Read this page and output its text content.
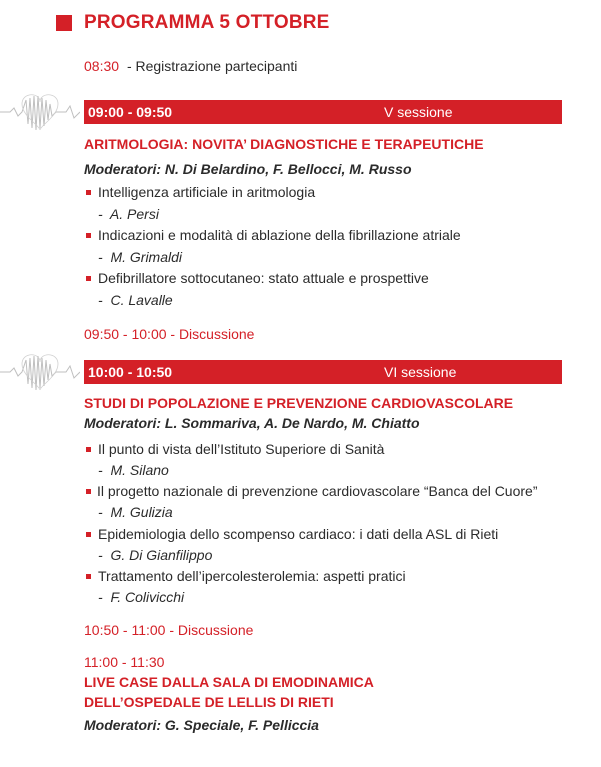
PROGRAMMA 5 OTTOBRE
08:30 - Registrazione partecipanti
09:00 - 09:50	V sessione
ARITMOLOGIA: NOVITA’ DIAGNOSTICHE E TERAPEUTICHE
Moderatori: N. Di Belardino, F. Bellocci, M. Russo
Intelligenza artificiale in aritmologia
-  A. Persi
Indicazioni e modalità di ablazione della fibrillazione atriale
-  M. Grimaldi
Defibrillatore sottocutaneo: stato attuale e prospettive
-  C. Lavalle
09:50 - 10:00 - Discussione
10:00 - 10:50	VI sessione
STUDI DI POPOLAZIONE E PREVENZIONE CARDIOVASCOLARE
Moderatori: L. Sommariva, A. De Nardo, M. Chiatto
Il punto di vista dell’Istituto Superiore di Sanità
-  M. Silano
Il progetto nazionale di prevenzione cardiovascolare “Banca del Cuore”
-  M. Gulizia
Epidemiologia dello scompenso cardiaco: i dati della ASL di Rieti
-  G. Di Gianfilippo
Trattamento dell’ipercolesterolemia: aspetti pratici
-  F. Colivicchi
10:50 - 11:00 - Discussione
11:00 - 11:30
LIVE CASE DALLA SALA DI EMODINAMICA
DELL’OSPEDALE DE LELLIS DI RIETI
Moderatori: G. Speciale, F. Pelliccia
